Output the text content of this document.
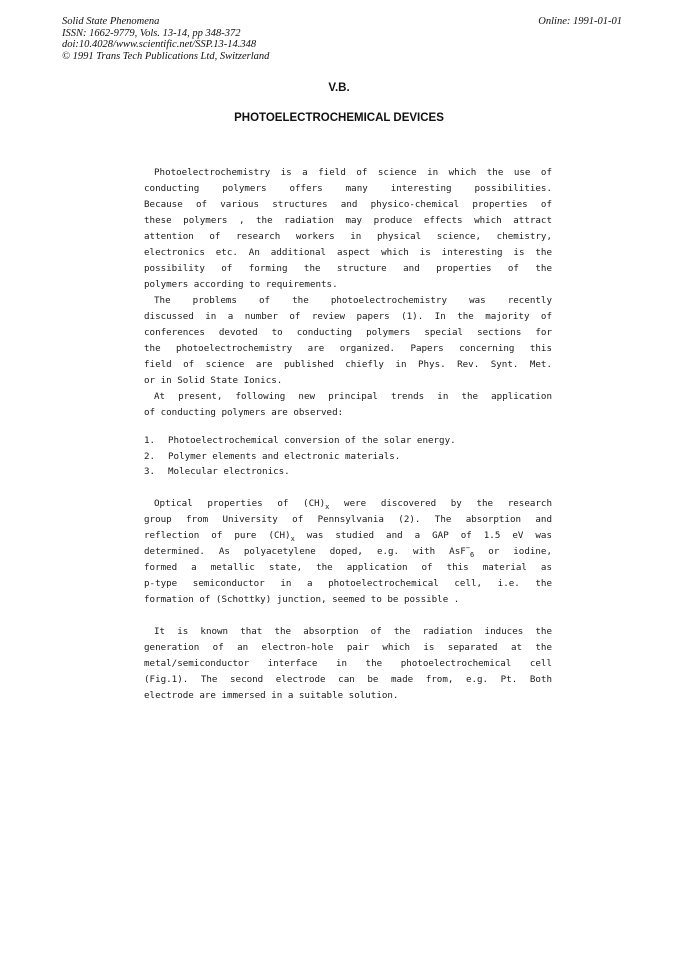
Solid State Phenomena
ISSN: 1662-9779, Vols. 13-14, pp 348-372
doi:10.4028/www.scientific.net/SSP.13-14.348
© 1991 Trans Tech Publications Ltd, Switzerland
Online: 1991-01-01
V.B.
PHOTOELECTROCHEMICAL DEVICES
Photoelectrochemistry is a field of science in which the use of
conducting polymers offers many interesting possibilities.
Because of various structures and physico-chemical properties of
these polymers , the radiation may produce effects which attract
attention of research workers in physical science, chemistry,
electronics etc. An additional aspect which is interesting is the
possibility of forming the structure and properties of the
polymers according to requirements.
The problems of the photoelectrochemistry was recently
discussed in a number of review papers (1). In the majority of
conferences devoted to conducting polymers special sections for
the photoelectrochemistry are organized. Papers concerning this
field of science are published chiefly in Phys. Rev. Synt. Met.
or in Solid State Ionics.
At present, following new principal trends in the application
of conducting polymers are observed:
1. Photoelectrochemical conversion of the solar energy.
2. Polymer elements and electronic materials.
3. Molecular electronics.
Optical properties of $(CH)_x$ were discovered by the research
group from University of Pennsylvania (2). The absorption and
reflection of pure $(CH)_x$ was studied and a GAP of 1.5 eV was
determined. As polyacetylene doped, e.g. with AsF−$_6$ or iodine,
formed a metallic state, the application of this material as
p-type semiconductor in a photoelectrochemical cell, i.e. the
formation of (Schottky) junction, seemed to be possible .
It is known that the absorption of the radiation induces the
generation of an electron-hole pair which is separated at the
metal/semiconductor interface in the photoelectrochemical cell
(Fig.1). The second electrode can be made from, e.g. Pt. Both
electrode are immersed in a suitable solution.
